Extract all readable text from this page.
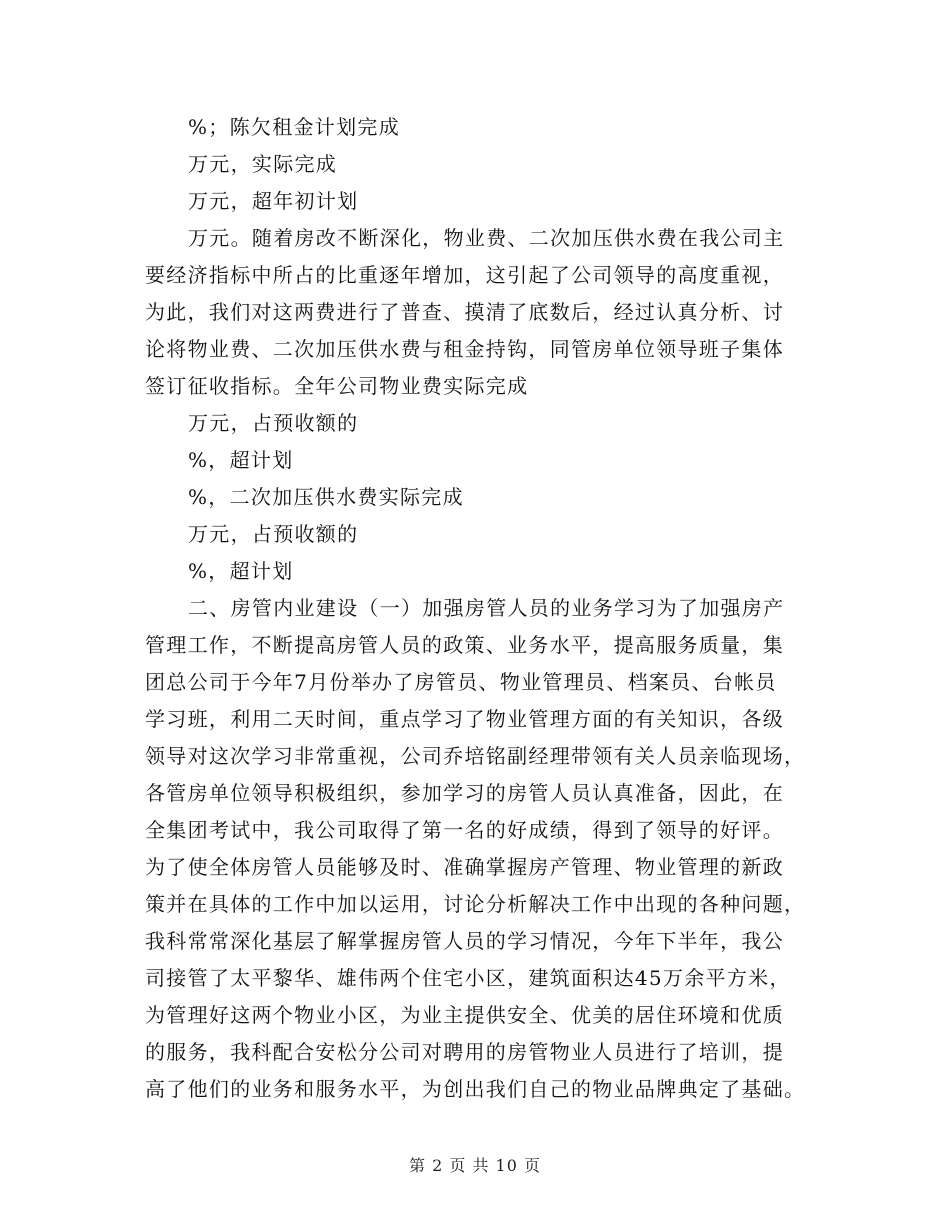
%；陈欠租金计划完成
万元，实际完成
万元，超年初计划
万元。随着房改不断深化，物业费、二次加压供水费在我公司主
要经济指标中所占的比重逐年增加，这引起了公司领导的高度重视，
为此，我们对这两费进行了普查、摸清了底数后，经过认真分析、讨
论将物业费、二次加压供水费与租金持钩，同管房单位领导班子集体
签订征收指标。全年公司物业费实际完成
万元，占预收额的
%，超计划
%，二次加压供水费实际完成
万元，占预收额的
%，超计划
二、房管内业建设（一）加强房管人员的业务学习为了加强房产
管理工作，不断提高房管人员的政策、业务水平，提高服务质量，集
团总公司于今年7月份举办了房管员、物业管理员、档案员、台帐员
学习班，利用二天时间，重点学习了物业管理方面的有关知识，各级
领导对这次学习非常重视，公司乔培铭副经理带领有关人员亲临现场，
各管房单位领导积极组织，参加学习的房管人员认真准备，因此，在
全集团考试中，我公司取得了第一名的好成绩，得到了领导的好评。
为了使全体房管人员能够及时、准确掌握房产管理、物业管理的新政
策并在具体的工作中加以运用，讨论分析解决工作中出现的各种问题，
我科常常深化基层了解掌握房管人员的学习情况，今年下半年，我公
司接管了太平黎华、雄伟两个住宅小区，建筑面积达45万余平方米，
为管理好这两个物业小区，为业主提供安全、优美的居住环境和优质
的服务，我科配合安松分公司对聘用的房管物业人员进行了培训，提
高了他们的业务和服务水平，为创出我们自己的物业品牌典定了基础。
第 2 页 共 10 页
